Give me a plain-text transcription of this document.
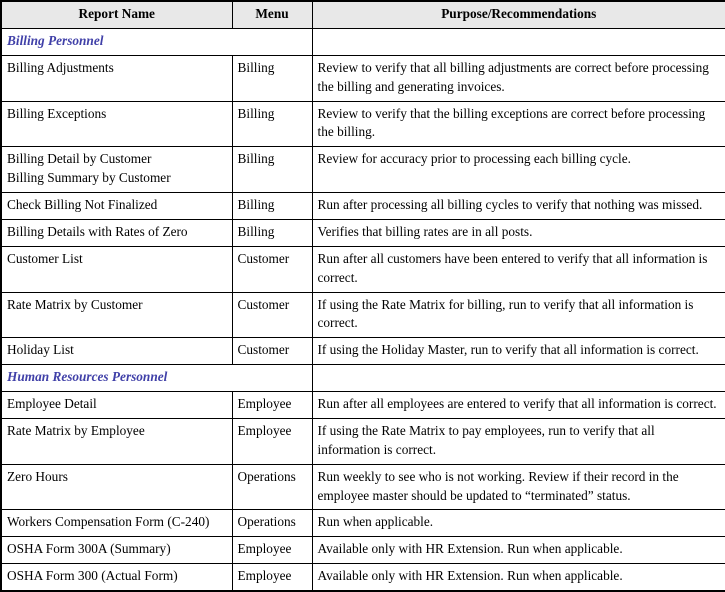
Report Name	Menu	Purpose/Recommendations
Billing Personnel		

Billing Adjustments	Billing	Review to verify that all billing adjustments are correct before processing the billing and generating invoices.

Billing Exceptions	Billing	Review to verify that the billing exceptions are correct before processing the billing.

Billing Detail by Customer
Billing Summary by Customer	Billing	Review for accuracy prior to processing each billing cycle.

Check Billing Not Finalized	Billing	Run after processing all billing cycles to verify that nothing was missed.

Billing Details with Rates of Zero	Billing	Verifies that billing rates are in all posts.

Customer List	Customer	Run after all customers have been entered to verify that all information is correct.

Rate Matrix by Customer	Customer	If using the Rate Matrix for billing, run to verify that all information is correct.

Holiday List	Customer	If using the Holiday Master, run to verify that all information is correct.
Human Resources Personnel		

Employee Detail	Employee	Run after all employees are entered to verify that all information is correct.

Rate Matrix by Employee	Employee	If using the Rate Matrix to pay employees, run to verify that all information is correct.

Zero Hours	Operations	Run weekly to see who is not working. Review if their record in the employee master should be updated to “terminated” status.

Workers Compensation Form (C-240)	Operations	Run when applicable.

OSHA Form 300A (Summary)	Employee	Available only with HR Extension. Run when applicable.

OSHA Form 300 (Actual Form)	Employee	Available only with HR Extension. Run when applicable.
